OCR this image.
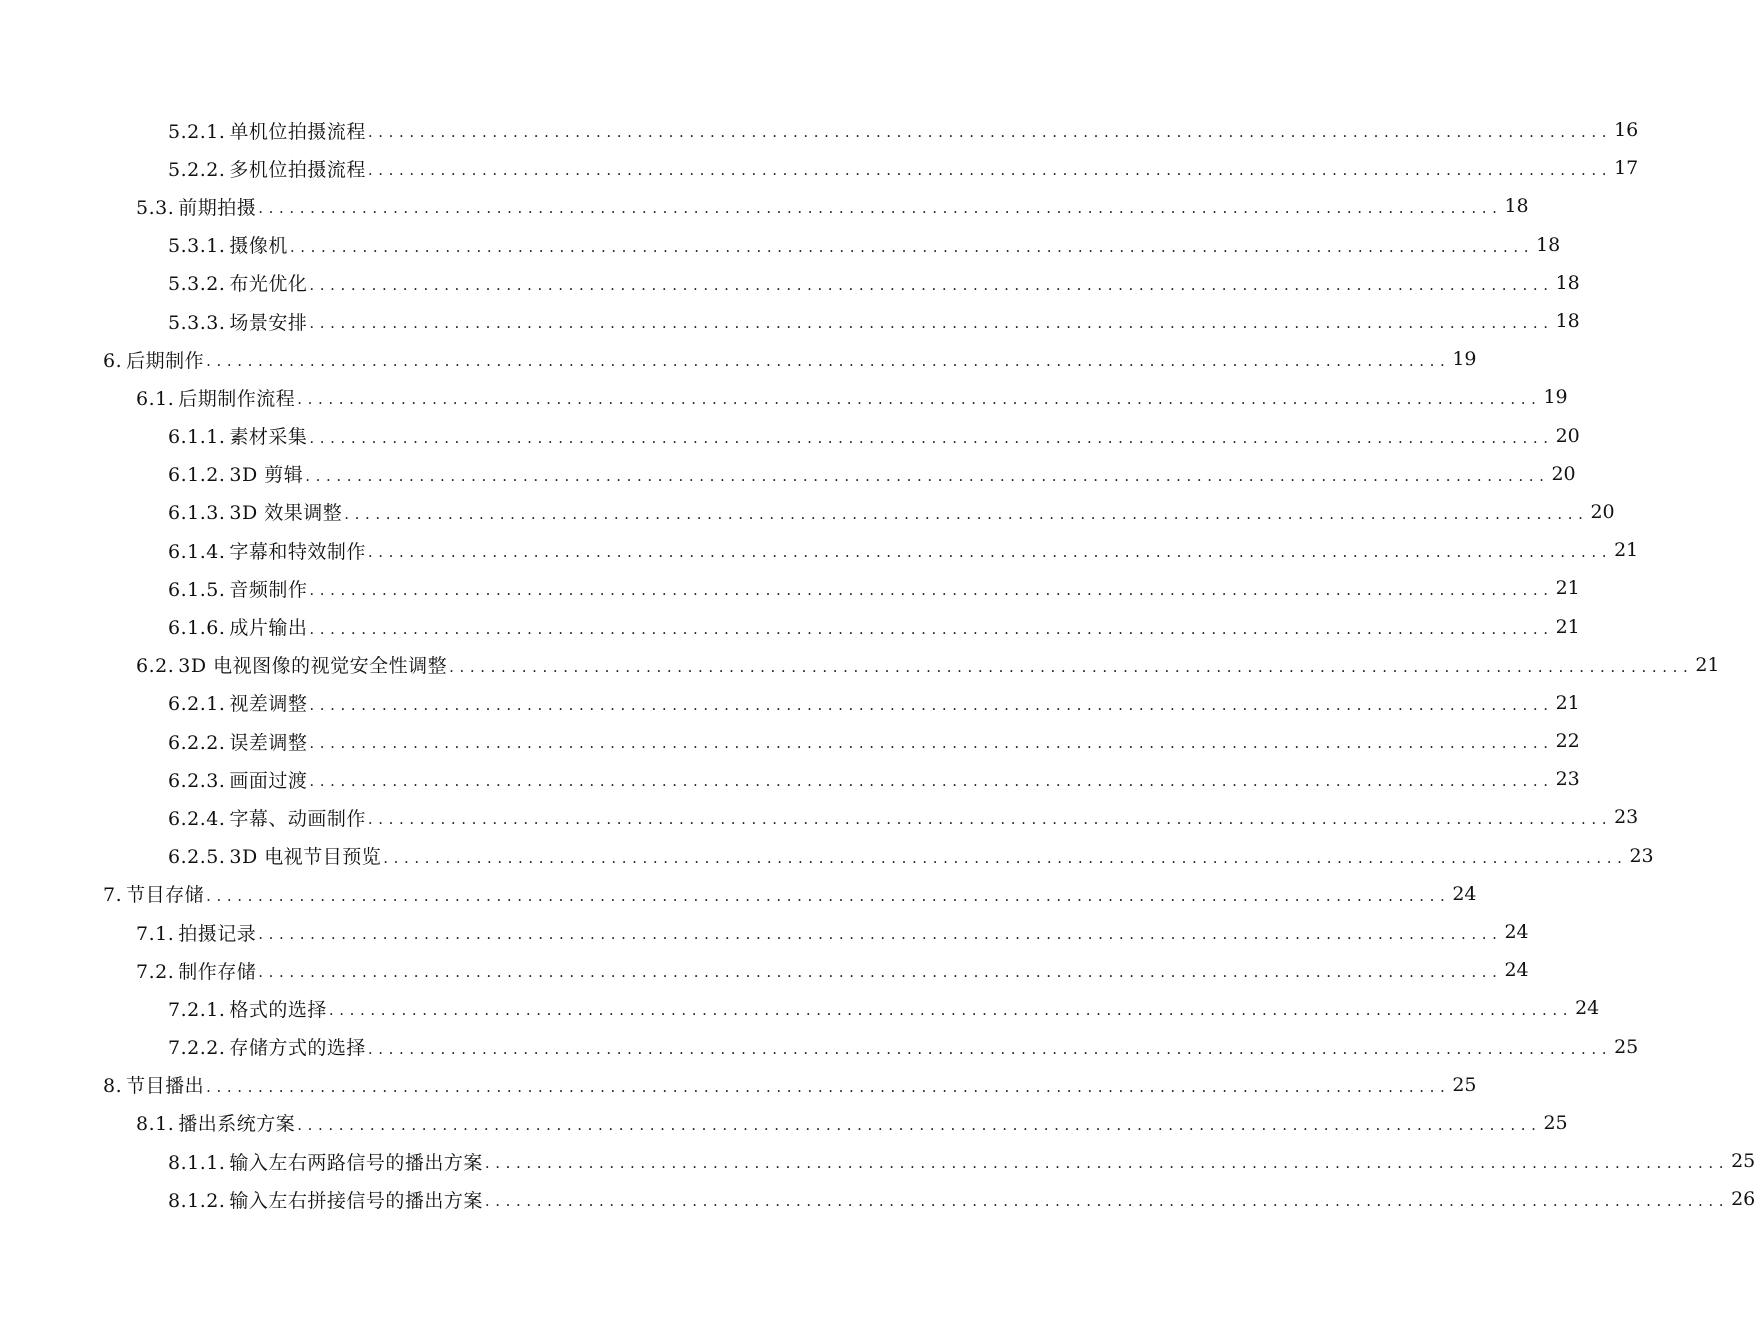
5.2.1. 单机位拍摄流程 ........................................................................................................................ 16
5.2.2. 多机位拍摄流程 ........................................................................................................................ 17
5.3. 前期拍摄 ........................................................................................................................ 18
5.3.1. 摄像机 ........................................................................................................................ 18
5.3.2. 布光优化 ........................................................................................................................ 18
5.3.3. 场景安排 ........................................................................................................................ 18
6. 后期制作 ........................................................................................................................ 19
6.1. 后期制作流程 ........................................................................................................................ 19
6.1.1. 素材采集 ........................................................................................................................ 20
6.1.2. 3D 剪辑 ........................................................................................................................ 20
6.1.3. 3D 效果调整 ........................................................................................................................ 20
6.1.4. 字幕和特效制作 ........................................................................................................................ 21
6.1.5. 音频制作 ........................................................................................................................ 21
6.1.6. 成片输出 ........................................................................................................................ 21
6.2. 3D 电视图像的视觉安全性调整 ........................................................................................................................ 21
6.2.1. 视差调整 ........................................................................................................................ 21
6.2.2. 误差调整 ........................................................................................................................ 22
6.2.3. 画面过渡 ........................................................................................................................ 23
6.2.4. 字幕、动画制作 ........................................................................................................................ 23
6.2.5. 3D 电视节目预览 ........................................................................................................................ 23
7. 节目存储 ........................................................................................................................ 24
7.1. 拍摄记录 ........................................................................................................................ 24
7.2. 制作存储 ........................................................................................................................ 24
7.2.1. 格式的选择 ........................................................................................................................ 24
7.2.2. 存储方式的选择 ........................................................................................................................ 25
8. 节目播出 ........................................................................................................................ 25
8.1. 播出系统方案 ........................................................................................................................ 25
8.1.1. 输入左右两路信号的播出方案 ........................................................................................................................ 25
8.1.2. 输入左右拼接信号的播出方案 ........................................................................................................................ 26
